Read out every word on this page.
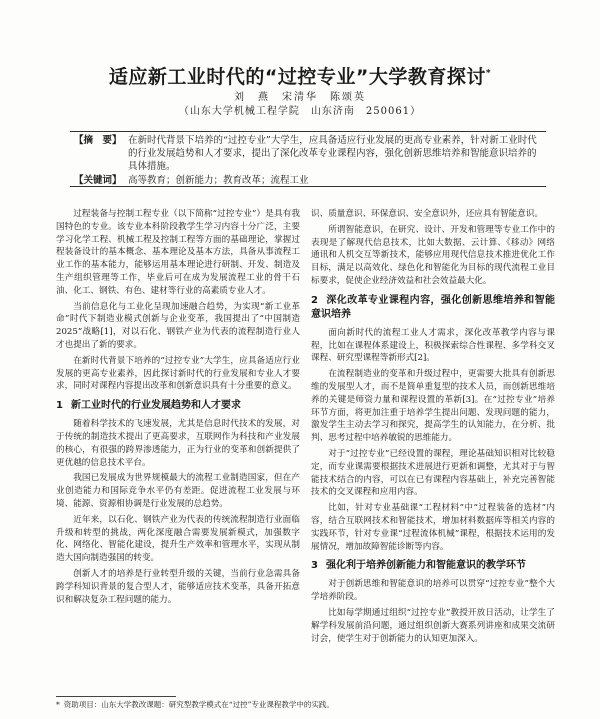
适应新工业时代的“过控专业”大学教育探讨*
刘　燕　宋清华　陈颂英
（山东大学机械工程学院　山东济南　250061）
【摘　要】 在新时代背景下培养的“过控专业”大学生，应具备适应行业发展的更高专业素养，针对新工业时代的行业发展趋势和人才要求，提出了深化改革专业课程内容，强化创新思维培养和智能意识培养的具体措施。
【关键词】 高等教育；创新能力；教育改革；流程工业

过程装备与控制工程专业（以下简称“过控专业”）是具有我国特色的专业。该专业本科阶段教学生学习内容十分广泛，主要学习化学工程、机械工程及控制工程等方面的基础理论，掌握过程装备设计的基本概念、基本理论及基本方法，具备从事流程工业工作的基本能力，能够运用基本理论进行研制、开发、制造及生产组织管理等工作，毕业后可在成为发展流程工业的骨干石油、化工、钢铁、有色、建材等行业的高素质专业人才。

当前信息化与工业化呈现加速融合趋势，为实现“新工业革命”时代下制造业模式创新与企业变革，我国提出了“中国制造2025”战略[1]，对以石化、钢铁产业为代表的流程制造行业人才也提出了新的要求。

在新时代背景下培养的“过控专业”大学生，应具备适应行业发展的更高专业素养，因此探讨新时代的行业发展和专业人才要求，同时对课程内容提出改革和创新意识具有十分重要的意义。

1 新工业时代的行业发展趋势和人才要求

随着科学技术的飞速发展，尤其是信息时代技术的发展，对于传统的制造技术提出了更高要求，互联网作为科技和产业发展的核心，有很强的跨界渗透能力，正为行业的变革和创新提供了更优越的信息技术平台。

我国已发展成为世界规模最大的流程工业制造国家，但在产业创造能力和国际竞争水平仍有差距。促进流程工业发展与环境、能源、资源相协调是行业发展的总趋势。

近年来，以石化、钢铁产业为代表的传统流程制造行业面临升级和转型的挑战，两化深度融合需要发展新模式，加强数字化、网络化、智能化建设，提升生产效率和管理水平，实现从制造大国向制造强国的转变。

创新人才的培养是行业转型升级的关键，当前行业急需具备跨学科知识背景的复合型人才，能够适应技术变革，具备开拓意识和解决复杂工程问题的能力。

识、质量意识、环保意识、安全意识外，还应具有智能意识。

所谓智能意识，在研究、设计、开发和管理等专业工作中的表现是了解现代信息技术，比如大数据、云计算、《移动》网络通讯和人机交互等新技术，能够应用现代信息技术推进优化工作目标，满足以高效化、绿色化和智能化为目标的现代流程工业目标要求，促使企业经济效益和社会效益最大化。

2 深化改革专业课程内容，强化创新思维培养和智能意识培养

面向新时代的流程工业人才需求，深化改革教学内容与课程，比如在课程体系建设上，积极探索综合性课程、多学科交叉课程、研究型课程等新形式[2]。

在流程制造业的变革和升级过程中，更需要大批具有创新思维的发展型人才，而不是简单重复型的技术人员，而创新思维培养的关键是师资力量和课程设置的革新[3]。在“过控专业”培养环节方面，将更加注重于培养学生提出问题、发现问题的能力，激发学生主动去学习和探究，提高学生的认知能力，在分析、批判、思考过程中培养敏锐的思维能力。

对于“过控专业”已经设置的课程，理论基础知识相对比较稳定，而专业课需要根据技术进展进行更新和调整，尤其对于与智能技术结合的内容，可以在已有课程内容基础上，补充完善智能技术的交叉课程和应用内容。

比如，针对专业基础课“工程材料”中“过程装备的选材”内容，结合互联网技术和智能技术，增加材料数据库等相关内容的实践环节，针对专业课“过程流体机械”课程，根据技术运用的发展情况，增加故障智能诊断等内容。

3 强化利于培养创新能力和智能意识的教学环节

对于创新思维和智能意识的培养可以贯穿“过控专业”整个大学培养阶段。

比如每学期通过组织“过控专业”教授开放日活动，让学生了解学科发展前沿问题，通过组织创新大赛系列讲座和成果交流研讨会，使学生对于创新能力的认知更加深入。

* 资助项目：山东大学教改课题：研究型教学模式在“过控”专业课程教学中的实践。
